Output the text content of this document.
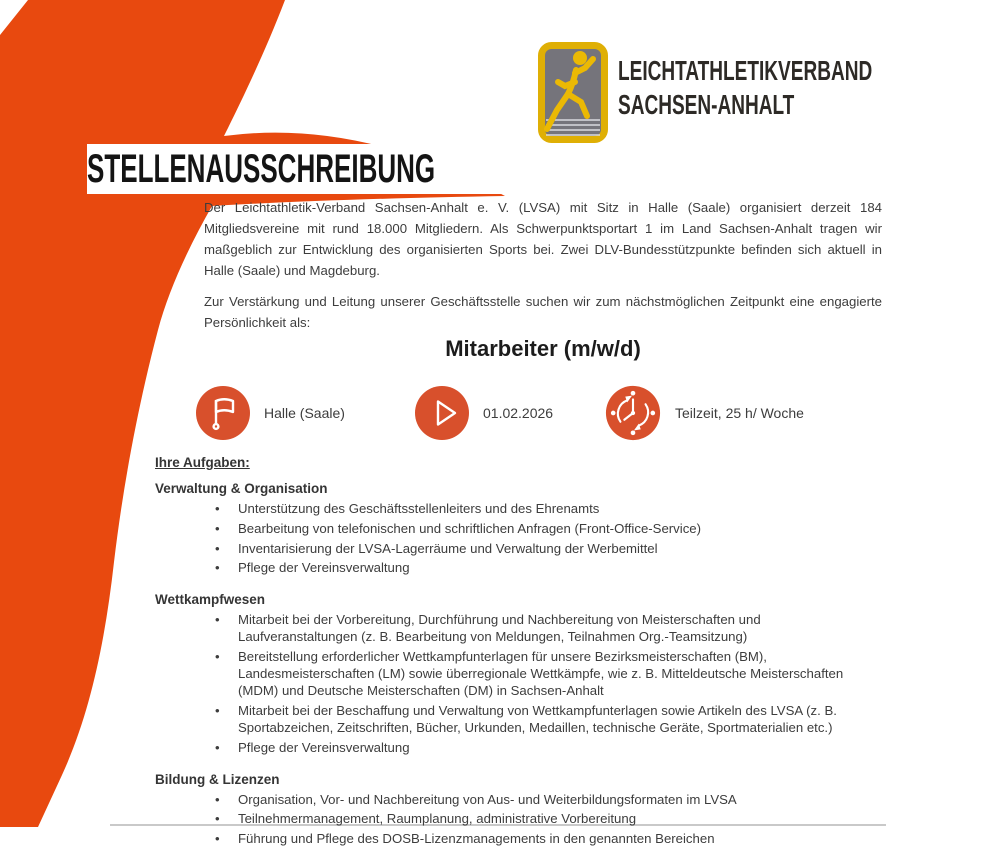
LEICHTATHLETIKVERBAND
SACHSEN-ANHALT
STELLENAUSSCHREIBUNG

Der Leichtathletik-Verband Sachsen-Anhalt e. V. (LVSA) mit Sitz in Halle (Saale) organisiert derzeit 184 Mitgliedsvereine mit rund 18.000 Mitgliedern. Als Schwerpunktsportart 1 im Land Sachsen-Anhalt tragen wir maßgeblich zur Entwicklung des organisierten Sports bei. Zwei DLV-Bundesstützpunkte befinden sich aktuell in Halle (Saale) und Magdeburg.

Zur Verstärkung und Leitung unserer Geschäftsstelle suchen wir zum nächstmöglichen Zeitpunkt eine engagierte Persönlichkeit als:

Mitarbeiter (m/w/d)
Halle (Saale)	01.02.2026	Teilzeit, 25 h/ Woche

Ihre Aufgaben:

Verwaltung & Organisation

• Unterstützung des Geschäftsstellenleiters und des Ehrenamts
• Bearbeitung von telefonischen und schriftlichen Anfragen (Front-Office-Service)
• Inventarisierung der LVSA-Lagerräume und Verwaltung der Werbemittel
• Pflege der Vereinsverwaltung

Wettkampfwesen

• Mitarbeit bei der Vorbereitung, Durchführung und Nachbereitung von Meisterschaften und Laufveranstaltungen (z. B. Bearbeitung von Meldungen, Teilnahmen Org.-Teamsitzung)
• Bereitstellung erforderlicher Wettkampfunterlagen für unsere Bezirksmeisterschaften (BM), Landesmeisterschaften (LM) sowie überregionale Wettkämpfe, wie z. B. Mitteldeutsche Meisterschaften (MDM) und Deutsche Meisterschaften (DM) in Sachsen-Anhalt
• Mitarbeit bei der Beschaffung und Verwaltung von Wettkampfunterlagen sowie Artikeln des LVSA (z. B. Sportabzeichen, Zeitschriften, Bücher, Urkunden, Medaillen, technische Geräte, Sportmaterialien etc.)
• Pflege der Vereinsverwaltung

Bildung & Lizenzen

• Organisation, Vor- und Nachbereitung von Aus- und Weiterbildungsformaten im LVSA
• Teilnehmermanagement, Raumplanung, administrative Vorbereitung
• Führung und Pflege des DOSB-Lizenzmanagements in den genannten Bereichen
